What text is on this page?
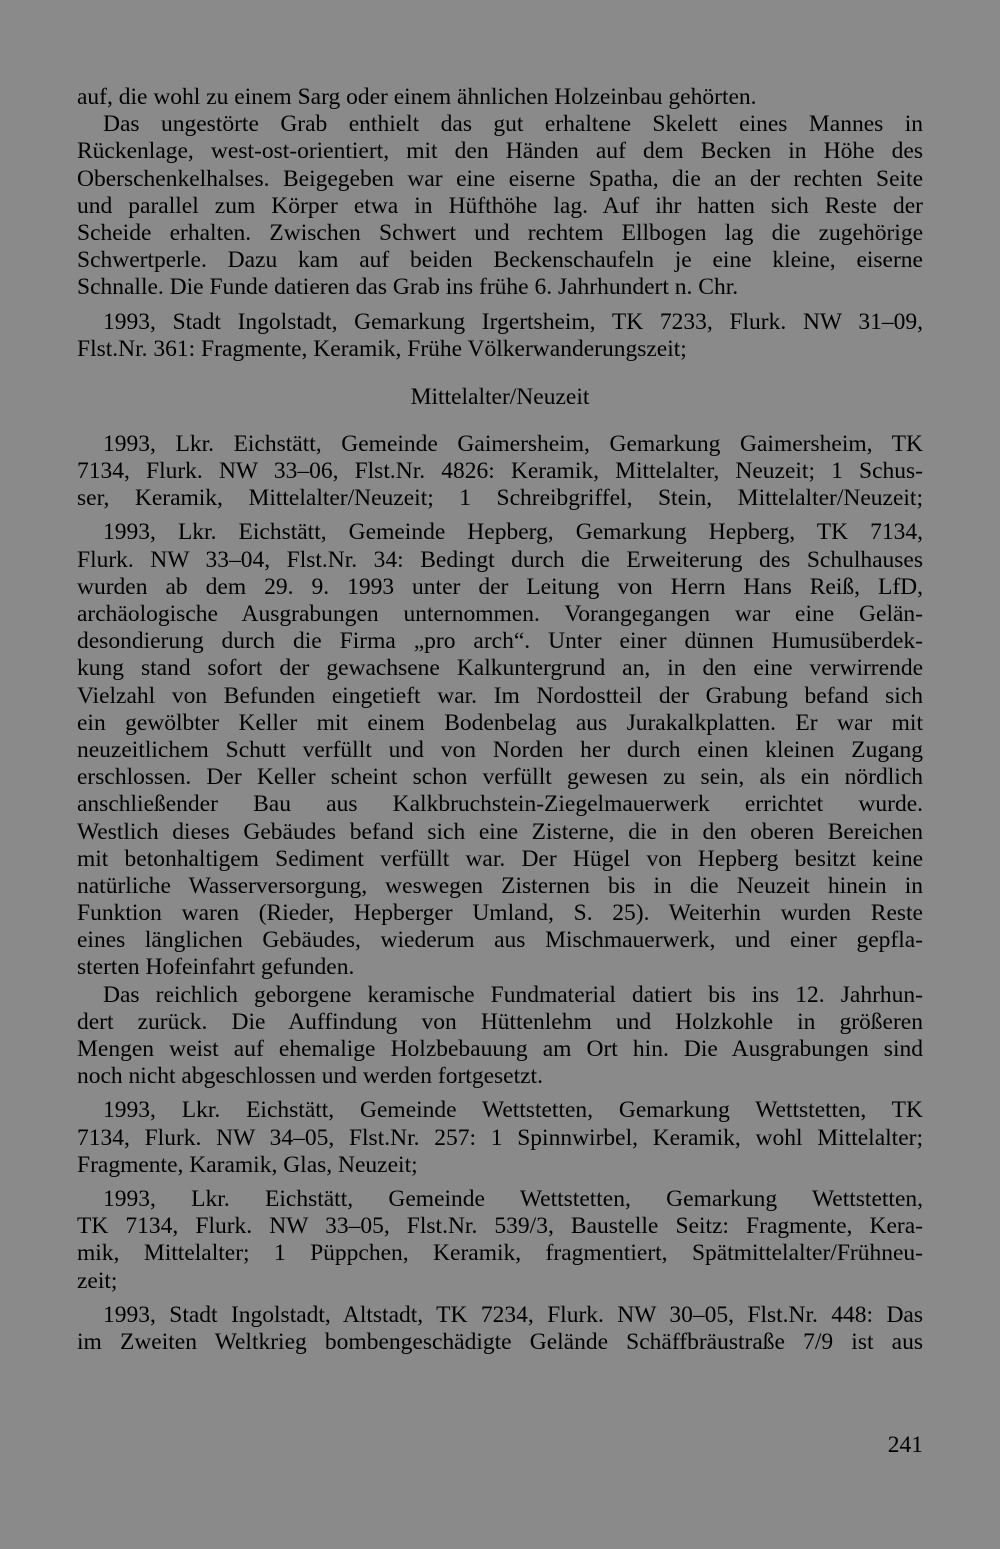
auf, die wohl zu einem Sarg oder einem ähnlichen Holzeinbau gehörten.
Das ungestörte Grab enthielt das gut erhaltene Skelett eines Mannes in
Rückenlage, west-ost-orientiert, mit den Händen auf dem Becken in Höhe des
Oberschenkelhalses. Beigegeben war eine eiserne Spatha, die an der rechten Seite
und parallel zum Körper etwa in Hüfthöhe lag. Auf ihr hatten sich Reste der
Scheide erhalten. Zwischen Schwert und rechtem Ellbogen lag die zugehörige
Schwertperle. Dazu kam auf beiden Beckenschaufeln je eine kleine, eiserne
Schnalle. Die Funde datieren das Grab ins frühe 6. Jahrhundert n. Chr.
1993, Stadt Ingolstadt, Gemarkung Irgertsheim, TK 7233, Flurk. NW 31–09,
Flst.Nr. 361: Fragmente, Keramik, Frühe Völkerwanderungszeit;
Mittelalter/Neuzeit
1993, Lkr. Eichstätt, Gemeinde Gaimersheim, Gemarkung Gaimersheim, TK
7134, Flurk. NW 33–06, Flst.Nr. 4826: Keramik, Mittelalter, Neuzeit; 1 Schus-
ser, Keramik, Mittelalter/Neuzeit; 1 Schreibgriffel, Stein, Mittelalter/Neuzeit;
1993, Lkr. Eichstätt, Gemeinde Hepberg, Gemarkung Hepberg, TK 7134,
Flurk. NW 33–04, Flst.Nr. 34: Bedingt durch die Erweiterung des Schulhauses
wurden ab dem 29. 9. 1993 unter der Leitung von Herrn Hans Reiß, LfD,
archäologische Ausgrabungen unternommen. Vorangegangen war eine Gelän-
desondierung durch die Firma „pro arch“. Unter einer dünnen Humusüberdek-
kung stand sofort der gewachsene Kalkuntergrund an, in den eine verwirrende
Vielzahl von Befunden eingetieft war. Im Nordostteil der Grabung befand sich
ein gewölbter Keller mit einem Bodenbelag aus Jurakalkplatten. Er war mit
neuzeitlichem Schutt verfüllt und von Norden her durch einen kleinen Zugang
erschlossen. Der Keller scheint schon verfüllt gewesen zu sein, als ein nördlich
anschließender Bau aus Kalkbruchstein-Ziegelmauerwerk errichtet wurde.
Westlich dieses Gebäudes befand sich eine Zisterne, die in den oberen Bereichen
mit betonhaltigem Sediment verfüllt war. Der Hügel von Hepberg besitzt keine
natürliche Wasserversorgung, weswegen Zisternen bis in die Neuzeit hinein in
Funktion waren (Rieder, Hepberger Umland, S. 25). Weiterhin wurden Reste
eines länglichen Gebäudes, wiederum aus Mischmauerwerk, und einer gepfla-
sterten Hofeinfahrt gefunden.
Das reichlich geborgene keramische Fundmaterial datiert bis ins 12. Jahrhun-
dert zurück. Die Auffindung von Hüttenlehm und Holzkohle in größeren
Mengen weist auf ehemalige Holzbebauung am Ort hin. Die Ausgrabungen sind
noch nicht abgeschlossen und werden fortgesetzt.
1993, Lkr. Eichstätt, Gemeinde Wettstetten, Gemarkung Wettstetten, TK
7134, Flurk. NW 34–05, Flst.Nr. 257: 1 Spinnwirbel, Keramik, wohl Mittelalter;
Fragmente, Karamik, Glas, Neuzeit;
1993, Lkr. Eichstätt, Gemeinde Wettstetten, Gemarkung Wettstetten,
TK 7134, Flurk. NW 33–05, Flst.Nr. 539/3, Baustelle Seitz: Fragmente, Kera-
mik, Mittelalter; 1 Püppchen, Keramik, fragmentiert, Spätmittelalter/Frühneu-
zeit;
1993, Stadt Ingolstadt, Altstadt, TK 7234, Flurk. NW 30–05, Flst.Nr. 448: Das
im Zweiten Weltkrieg bombengeschädigte Gelände Schäffbräustraße 7/9 ist aus
241
